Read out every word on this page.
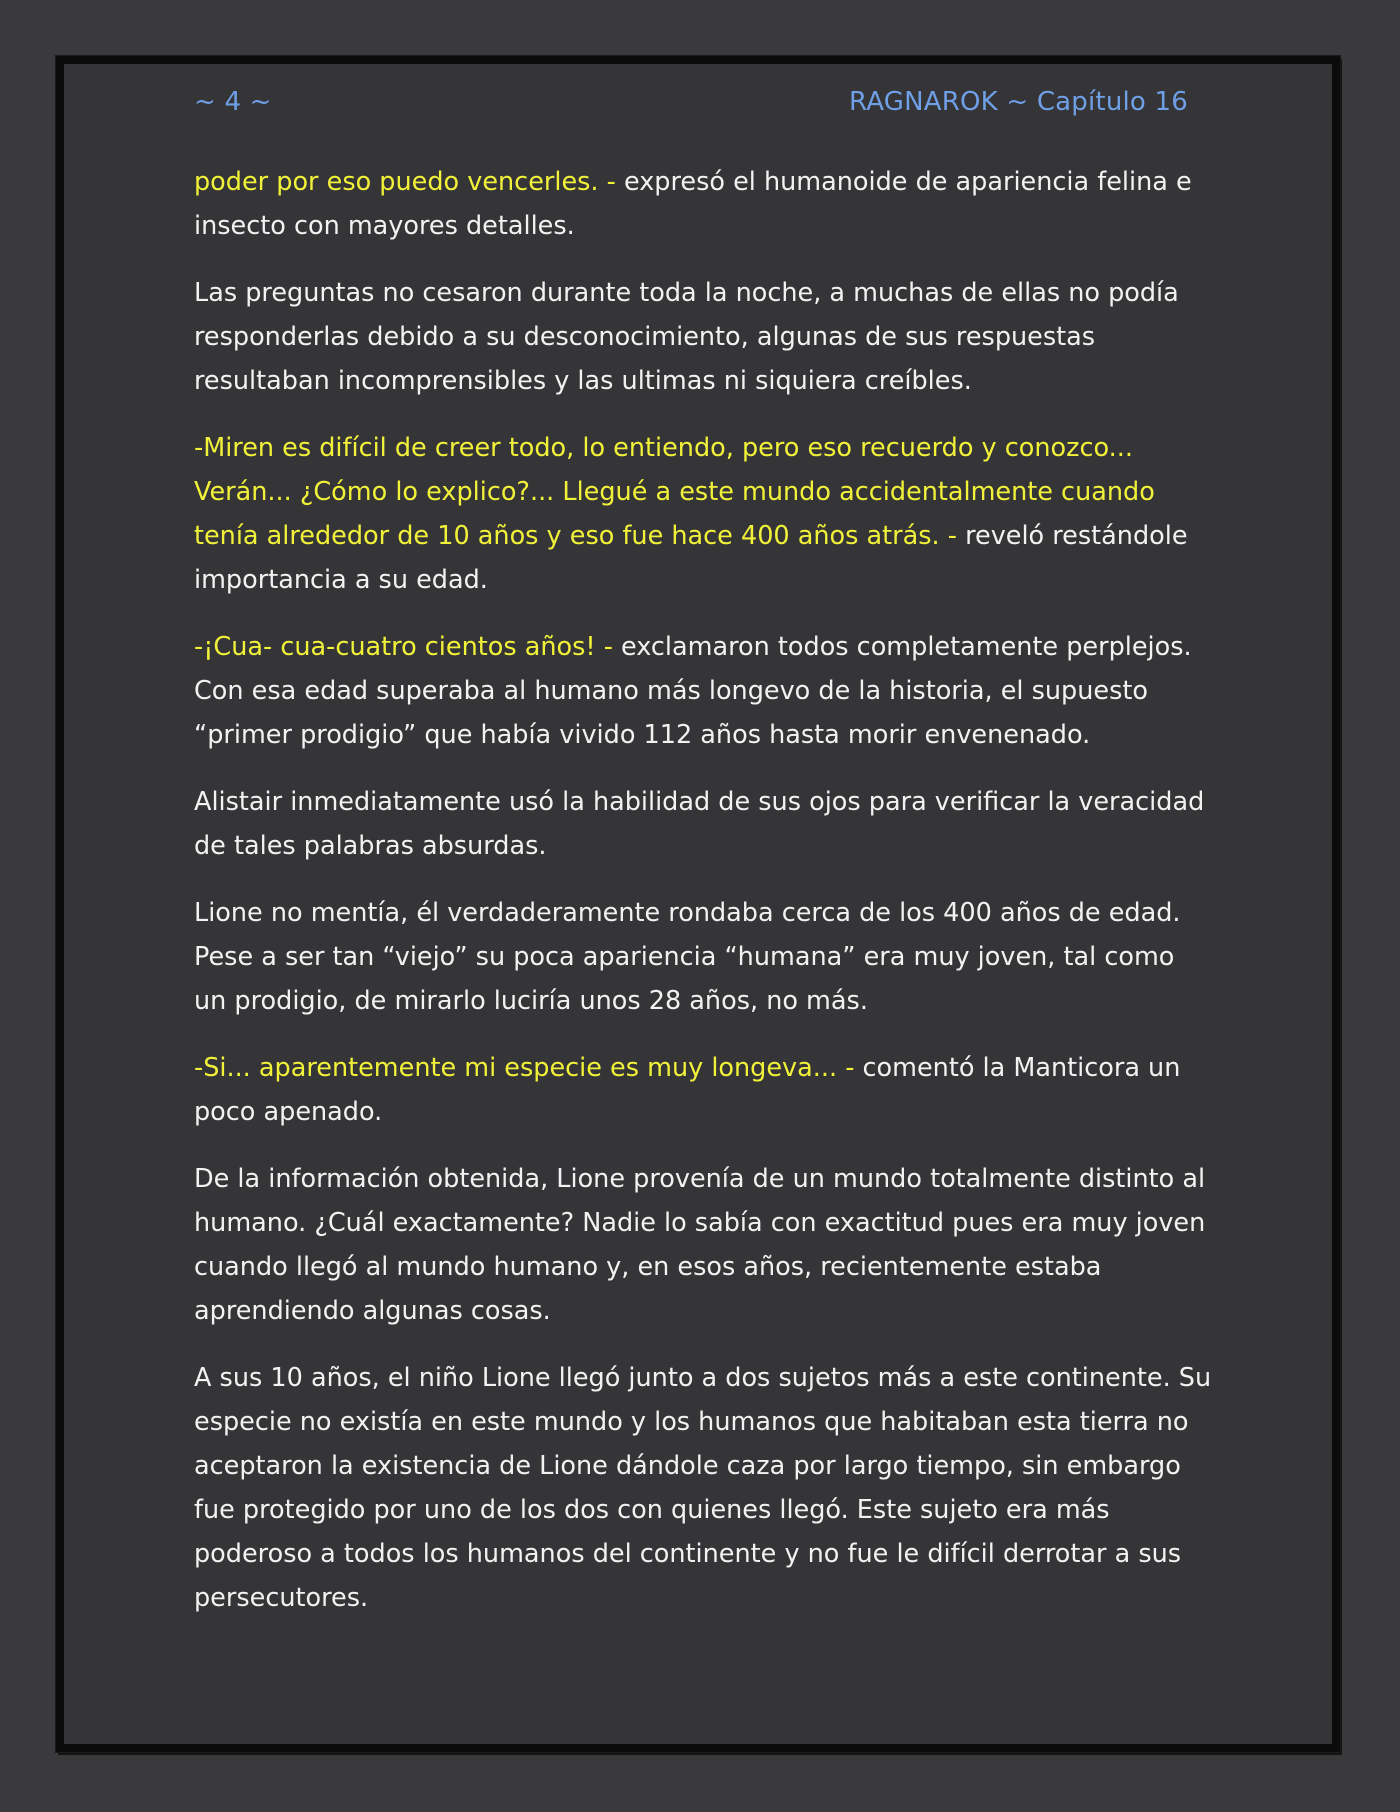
~ 4 ~	RAGNAROK ~ Capítulo 16

poder por eso puedo vencerles. - expresó el humanoide de apariencia felina e insecto con mayores detalles.

Las preguntas no cesaron durante toda la noche, a muchas de ellas no podía responderlas debido a su desconocimiento, algunas de sus respuestas resultaban incomprensibles y las ultimas ni siquiera creíbles.

-Miren es difícil de creer todo, lo entiendo, pero eso recuerdo y conozco... Verán... ¿Cómo lo explico?... Llegué a este mundo accidentalmente cuando tenía alrededor de 10 años y eso fue hace 400 años atrás. - reveló restándole importancia a su edad.

-¡Cua- cua-cuatro cientos años! - exclamaron todos completamente perplejos. Con esa edad superaba al humano más longevo de la historia, el supuesto “primer prodigio” que había vivido 112 años hasta morir envenenado.

Alistair inmediatamente usó la habilidad de sus ojos para verificar la veracidad de tales palabras absurdas.

Lione no mentía, él verdaderamente rondaba cerca de los 400 años de edad. Pese a ser tan “viejo” su poca apariencia “humana” era muy joven, tal como un prodigio, de mirarlo luciría unos 28 años, no más.

-Si... aparentemente mi especie es muy longeva... - comentó la Manticora un poco apenado.

De la información obtenida, Lione provenía de un mundo totalmente distinto al humano. ¿Cuál exactamente? Nadie lo sabía con exactitud pues era muy joven cuando llegó al mundo humano y, en esos años, recientemente estaba aprendiendo algunas cosas.

A sus 10 años, el niño Lione llegó junto a dos sujetos más a este continente. Su especie no existía en este mundo y los humanos que habitaban esta tierra no aceptaron la existencia de Lione dándole caza por largo tiempo, sin embargo fue protegido por uno de los dos con quienes llegó. Este sujeto era más poderoso a todos los humanos del continente y no fue le difícil derrotar a sus persecutores.
